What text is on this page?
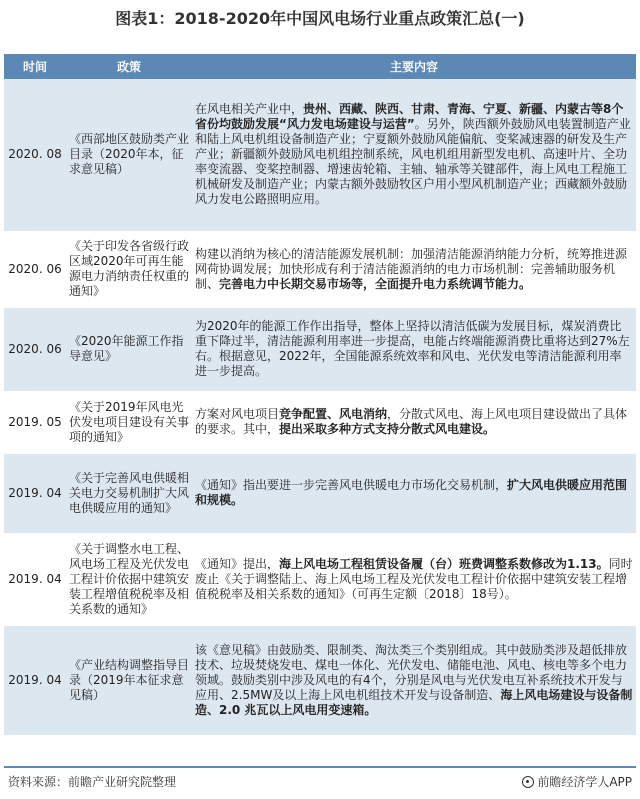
图表1：2018-2020年中国风电场行业重点政策汇总(一)
时间	政策	主要内容
2020. 08	《西部地区鼓励类产业目录（2020年本，征求意见稿）	在风电相关产业中，贵州、西藏、陕西、甘肃、青海、宁夏、新疆、内蒙古等8个省份均鼓励发展“风力发电场建设与运营”。另外，陕西额外鼓励风电装置制造产业和陆上风电机组设备制造产业；宁夏额外鼓励风能偏航、变桨减速器的研发及生产产业；新疆额外鼓励风电机组控制系统，风电机组用新型发电机、高速叶片、全功率变流器、变桨控制器、增速齿轮箱、主轴、轴承等关键部件，海上风电工程施工机械研发及制造产业；内蒙古额外鼓励牧区户用小型风机制造产业；西藏额外鼓励风力发电公路照明应用。
2020. 06	《关于印发各省级行政区域2020年可再生能源电力消纳责任权重的通知》	构建以消纳为核心的清洁能源发展机制：加强清洁能源消纳能力分析，统筹推进源网荷协调发展；加快形成有利于清洁能源消纳的电力市场机制：完善辅助服务机制、完善电力中长期交易市场等，全面提升电力系统调节能力。
2020. 06	《2020年能源工作指导意见》	为2020年的能源工作作出指导，整体上坚持以清洁低碳为发展目标，煤炭消费比重下降过半，清洁能源利用率进一步提高，电能占终端能源消费比重将达到27%左右。根据意见，2022年，全国能源系统效率和风电、光伏发电等清洁能源利用率进一步提高。
2019. 05	《关于2019年风电光伏发电项目建设有关事项的通知》	方案对风电项目竞争配置、风电消纳，分散式风电、海上风电项目建设做出了具体的要求。其中，提出采取多种方式支持分散式风电建设。
2019. 04	《关于完善风电供暖相关电力交易机制扩大风电供暖应用的通知》	《通知》指出要进一步完善风电供暖电力市场化交易机制，扩大风电供暖应用范围和规模。
2019. 04	《关于调整水电工程、风电场工程及光伏发电工程计价依据中建筑安装工程增值税税率及相关系数的通知》	《通知》提出，海上风电场工程租赁设备履（台）班费调整系数修改为1.13。同时废止《关于调整陆上、海上风电场工程及光伏发电工程计价依据中建筑安装工程增值税税率及相关系数的通知》（可再生定额〔2018〕18号）。
2019. 04	《产业结构调整指导目录（2019年本征求意见稿）	该《意见稿》由鼓励类、限制类、淘汰类三个类别组成。其中鼓励类涉及超低排放技术、垃圾焚烧发电、煤电一体化、光伏发电、储能电池、风电、核电等多个电力领域。鼓励类别中涉及风电的有4个，分别是风电与光伏发电互补系统技术开发与应用、2.5MW及以上海上风电机组技术开发与设备制造、海上风电场建设与设备制造、2.0 兆瓦以上风电用变速箱。
资料来源：前瞻产业研究院整理	前瞻经济学人APP
